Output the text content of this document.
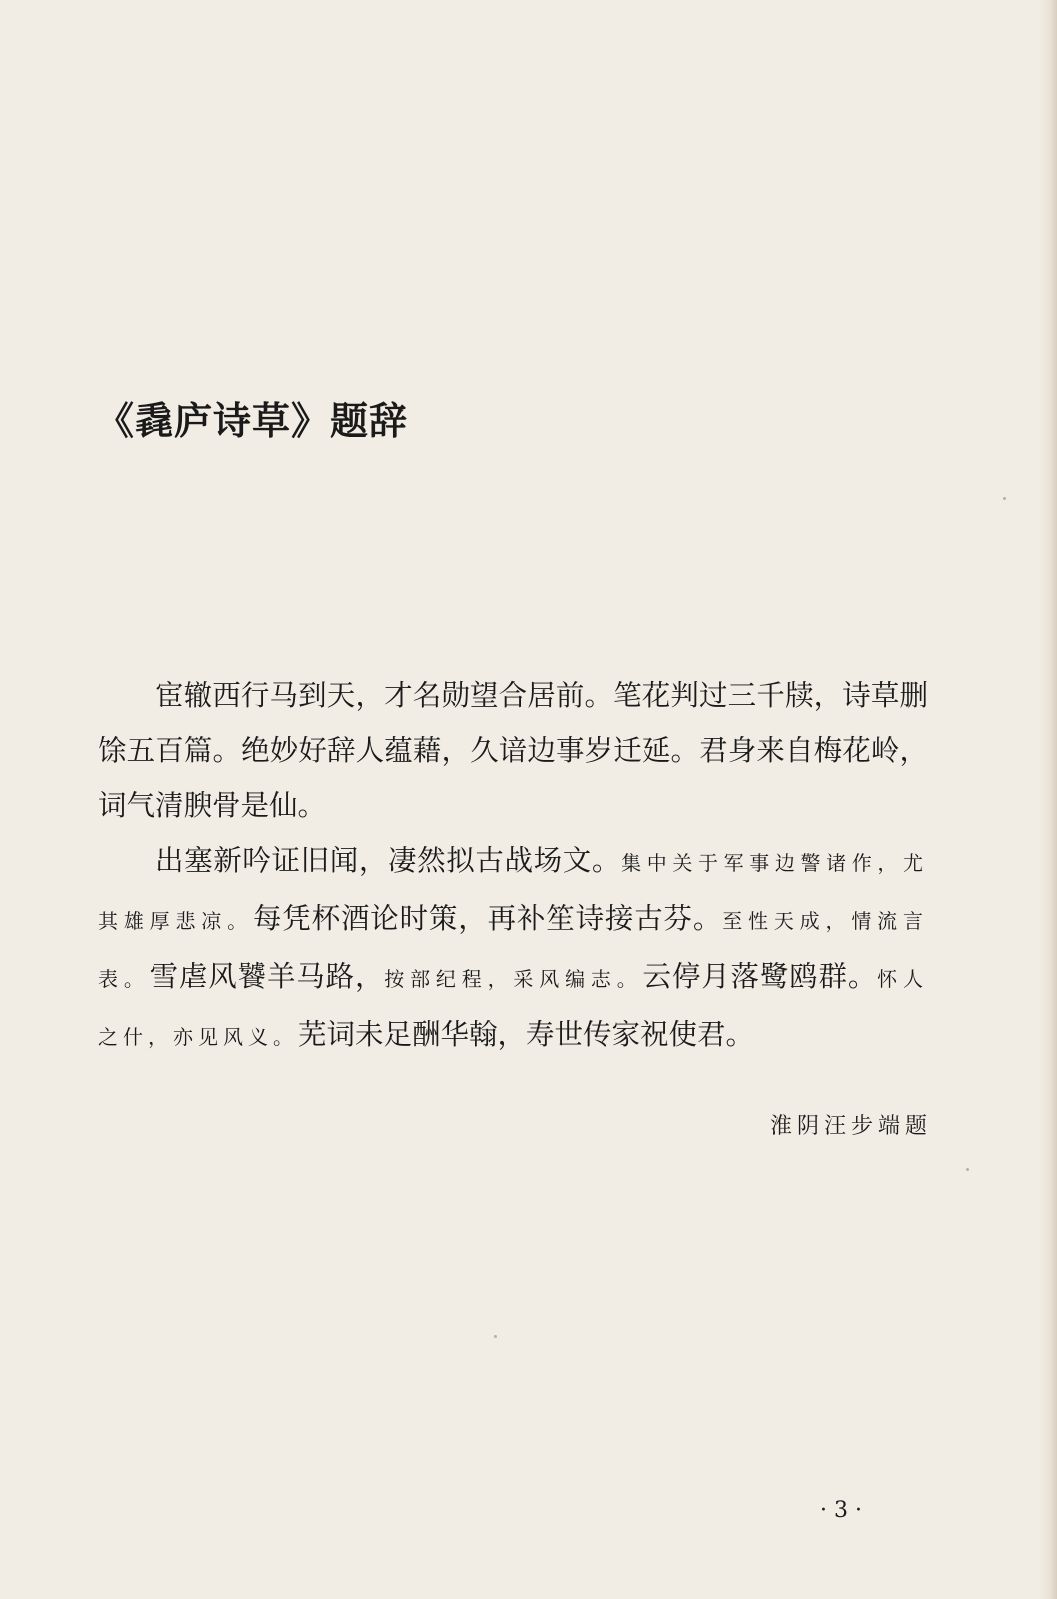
《毳庐诗草》题辞

宦辙西行马到天，才名勋望合居前。笔花判过三千牍，诗草删馀五百篇。绝妙好辞人蕴藉，久谙边事岁迁延。君身来自梅花岭，词气清腴骨是仙。

出塞新吟证旧闻，凄然拟古战场文。集中关于军事边警诸作，尤其雄厚悲凉。每凭杯酒论时策，再补笙诗接古芬。至性天成，情流言表。雪虐风饕羊马路，按部纪程，采风编志。云停月落鹭鸥群。怀人之什，亦见风义。芜词未足酬华翰，寿世传家祝使君。

淮阴汪步端题
· 3 ·
